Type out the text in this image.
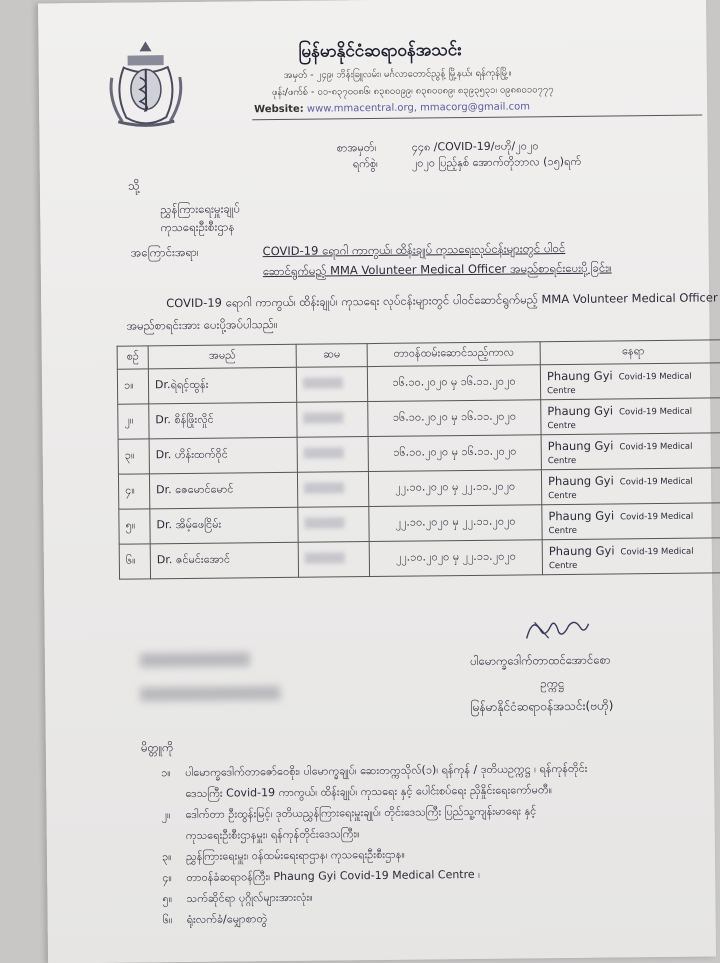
မြန်မာနိုင်ငံဆရာဝန်အသင်း
အမှတ် - ၂၄၉၊ ဘိန်းခြူလမ်း၊ မင်္ဂလာတောင်ညွန့် မြို့နယ်၊ ရန်ကုန်မြို့။
ဖုန်း/ဖက်စ် - ၀၁-၈၃၇၀၀၈၆၊ ၈၃၈၀၀၉၉၊ ၈၃၈၀၀၈၉၊ ၈၃၉၃၅၃၁၊ ၀၉၈၈၀၁၀၇၇၇
Website: www.mmacentral.org, mmacorg@gmail.com
စာအမှတ်၊	၄၄၈ /COVID-19/ဗဟို/၂၀၂၀
ရက်စွဲ၊	၂၀၂၀ ပြည့်နှစ် အောက်တိုဘာလ (၁၅)ရက်
သို့
ညွှန်ကြားရေးမှူးချုပ်
ကုသရေးဦးစီးဌာန
အကြောင်းအရာ၊	COVID-19 ရောဂါ ကာကွယ်၊ ထိန်းချုပ် ကုသရေးလုပ်ငန်းများတွင် ပါဝင်
ဆောင်ရွက်မည့် MMA Volunteer Medical Officer အမည်စာရင်းပေးပို့ခြင်း။
COVID-19 ရောဂါ ကာကွယ်၊ ထိန်းချုပ်၊ ကုသရေး လုပ်ငန်းများတွင် ပါဝင်ဆောင်ရွက်မည့် MMA Volunteer Medical Officer အမည်စာရင်းအား ပေးပို့အပ်ပါသည်။
စဉ်	အမည်	ဆမ	တာဝန်ထမ်းဆောင်သည့်ကာလ	နေရာ
၁။	Dr.ရဲရင့်ထွန်း		၁၆.၁၀.၂၀၂၀ မှ ၁၆.၁၁.၂၀၂၀	Phaung Gyi Covid-19 Medical Centre
၂။	Dr. စိန်ဖြိုးလှိုင်		၁၆.၁၀.၂၀၂၀ မှ ၁၆.၁၁.၂၀၂၀	Phaung Gyi Covid-19 Medical Centre
၃။	Dr. ဟိန်းထက်ဝိုင်		၁၆.၁၀.၂၀၂၀ မှ ၁၆.၁၁.၂၀၂၀	Phaung Gyi Covid-19 Medical Centre
၄။	Dr. ဇေမောင်မောင်		၂၂.၁၀.၂၀၂၀ မှ ၂၂.၁၁.၂၀၂၀	Phaung Gyi Covid-19 Medical Centre
၅။	Dr. အိမ့်ဖေငြိမ်း		၂၂.၁၀.၂၀၂၀ မှ ၂၂.၁၁.၂၀၂၀	Phaung Gyi Covid-19 Medical Centre
၆။	Dr. ဇင်မင်းအောင်		၂၂.၁၀.၂၀၂၀ မှ ၂၂.၁၁.၂၀၂၀	Phaung Gyi Covid-19 Medical Centre
ပါမောက္ခဒေါက်တာထင်အောင်စော
ဥက္ကဋ္ဌ
မြန်မာနိုင်ငံဆရာဝန်အသင်း(ဗဟို)
မိတ္တူကို
၁။ ပါမောက္ခဒေါက်တာဇော်ဝေစိုး၊ ပါမောက္ခချုပ်၊ ဆေးတက္ကသိုလ်(၁)၊ ရန်ကုန် / ဒုတိယဥက္ကဋ္ဌ ၊ ရန်ကုန်တိုင်း
ဒေသကြီး Covid-19 ကာကွယ်၊ ထိန်းချုပ်၊ ကုသရေး နှင့် ပေါင်းစပ်ရေး ညှိနှိုင်းရေးကော်မတီ။
၂။ ဒေါက်တာ ဦးထွန်းမြင့်၊ ဒုတိယညွှန်ကြားရေးမှူးချုပ်၊ တိုင်းဒေသကြီး ပြည်သူ့ကျန်းမာရေး နှင့်
ကုသရေးဦးစီးဌာနမှူး၊ ရန်ကုန်တိုင်းဒေသကြီး။
၃။ ညွှန်ကြားရေးမှူး၊ ဝန်ထမ်းရေးရာဌာန၊ ကုသရေးဦးစီးဌာန။
၄။ တာဝန်ခံဆရာဝန်ကြီး၊ Phaung Gyi Covid-19 Medical Centre ၊
၅။ သက်ဆိုင်ရာ ပုဂ္ဂိုလ်များအားလုံး။
၆။ ရုံးလက်ခံ/မျှောစာတွဲ
